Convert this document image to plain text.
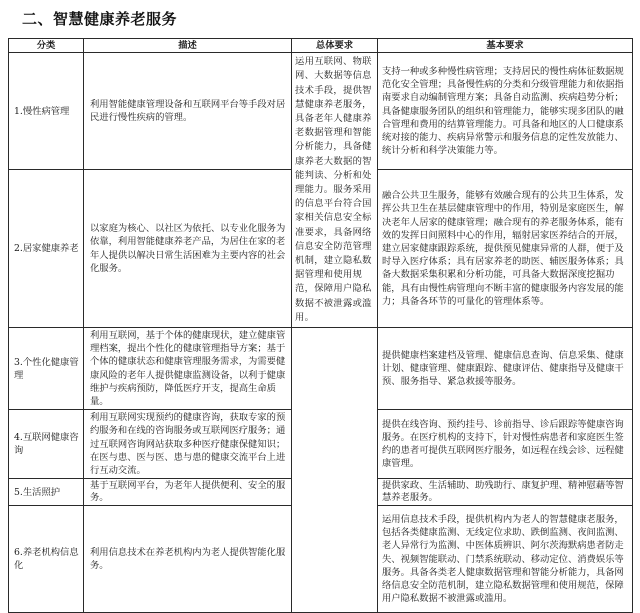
二、智慧健康养老服务
分类	描述	总体要求	基本要求
1.慢性病管理	利用智能健康管理设备和互联网平台等手段对居民进行慢性疾病的管理。	运用互联网、物联网、大数据等信息技术手段，提供智慧健康养老服务，具备老年人健康养老数据管理和智能分析能力，具备健康养老大数据的智能判读、分析和处理能力。服务采用的信息平台符合国家相关信息安全标准要求，具备网络信息安全防范管理机制，建立隐私数据管理和使用规范，保障用户隐私数据不被泄露或滥用。	支持一种或多种慢性病管理；支持居民的慢性病体征数据规范化安全管理；具备慢性病的分类和分级管理能力和依据指南要求自动编制管理方案；具备自动监测、疾病趋势分析；具备健康服务团队的组织和管理能力，能够实现多团队的融合管理和费用的结算管理能力。可具备和地区的人口健康系统对接的能力、疾病异常警示和服务信息的定性发放能力、统计分析和科学决策能力等。
2.居家健康养老	以家庭为核心、以社区为依托、以专业化服务为依靠，利用智能健康养老产品，为居住在家的老年人提供以解决日常生活困难为主要内容的社会化服务。		融合公共卫生服务，能够有效融合现有的公共卫生体系，发挥公共卫生在基层健康管理中的作用，特别是家庭医生，解决老年人居家的健康管理；融合现有的养老服务体系，能有效的发挥日间照料中心的作用，辐射居家医养结合的开展，建立居家健康跟踪系统，提供预见健康异常的人群，便于及时导入医疗体系；具有居家养老的助医、辅医服务体系；具备大数据采集积累和分析功能，可具备大数据深度挖掘功能，具有由慢性病管理向不断丰富的健康服务内容发展的能力；具备各环节的可量化的管理体系等。
3.个性化健康管理	利用互联网，基于个体的健康现状，建立健康管理档案，提出个性化的健康管理指导方案；基于个体的健康状态和健康管理服务需求，为需要健康风险的老年人提供健康监测设备，以利于健康维护与疾病预防，降低医疗开支，提高生命质量。		提供健康档案建档及管理、健康信息查询、信息采集、健康计划、健康管理、健康跟踪、健康评估、健康指导及健康干预、服务指导、紧急救援等服务。
4.互联网健康咨询	利用互联网实现预约的健康咨询，获取专家的预约服务和在线的咨询服务或互联网医疗服务；通过互联网咨询网站获取多种医疗健康保健知识；在医与患、医与医、患与患的健康交流平台上进行互动交流。		提供在线咨询、预约挂号、诊前指导、诊后跟踪等健康咨询服务。在医疗机构的支持下，针对慢性病患者和家庭医生签约的患者可提供互联网医疗服务，如远程在线会诊、远程健康管理。
5.生活照护	基于互联网平台，为老年人提供便利、安全的服务。		提供家政、生活辅助、助残助行、康复护理、精神慰藉等智慧养老服务。
6.养老机构信息化	利用信息技术在养老机构内为老人提供智能化服务。		运用信息技术手段，提供机构内为老人的智慧健康老服务，包括各类健康监测、无线定位求助、跌倒监测、夜间监测、老人异常行为监测、中医体质辨识、阿尔茨海默病患者防走失、视频智能联动、门禁系统联动、移动定位、消费娱乐等服务。具备各类老人健康数据管理和智能分析能力，具备网络信息安全防范机制，建立隐私数据管理和使用规范，保障用户隐私数据不被泄露或滥用。
